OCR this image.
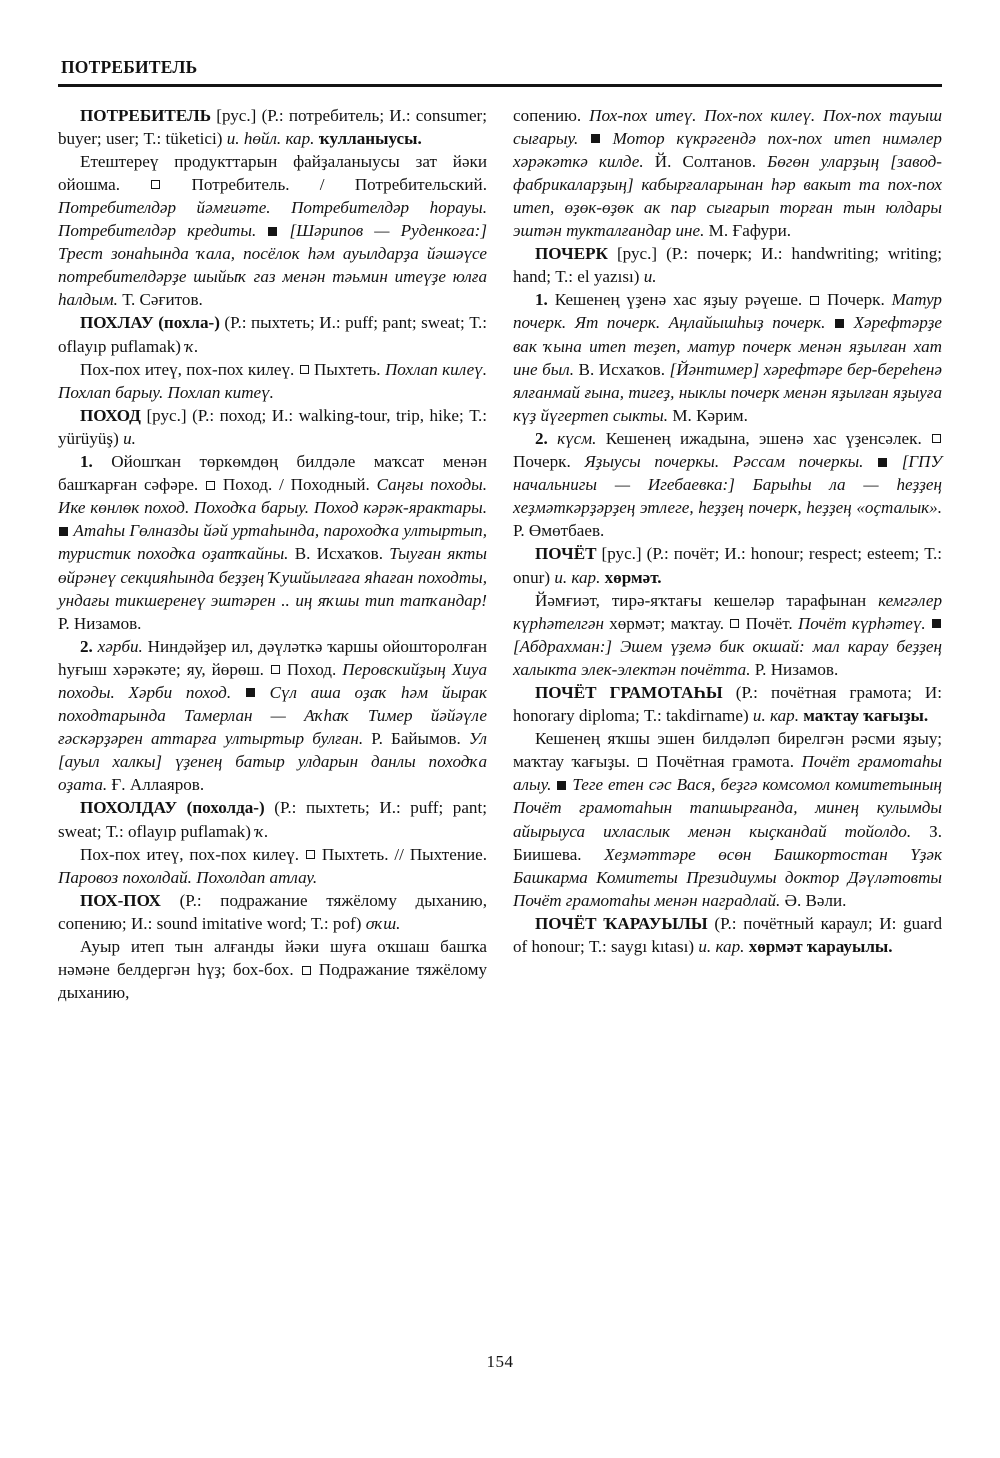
ПОТРЕБИТЕЛЬ

ПОТРЕБИТЕЛЬ [рус.] (Р.: потребитель; И.: consumer; buyer; user; Т.: tüketici) и. һөйл. кар. ҡулланыусы.

Етештереү продукттарын файҙаланыусы зат йәки ойошма.	Потребитель. / Потребительский. Потребителдәр йәмғиәте. Потребителдәр һорауы. Потребителдәр кредиты. [Шәрипов — Руденкоға:] Трест зонаһында ҡала, посёлок һәм ауылдарҙа йәшәүсе потребителдәрҙе шыйыҡ газ менән тәьмин итеүҙе юлға һалдым. Т. Сәғитов.

ПОХЛАУ (похла-) (Р.: пыхтеть; И.: puff; pant; sweat; Т.: oflayıp puflamak) ҡ.

Пох-пох итеү, пох-пох килеү. Пыхтеть. Похлап килеү. Похлап барыу. Похлап китеү.

ПОХОД [рус.] (Р.: поход; И.: walking-tour, trip, hike; Т.: yürüyüş) и.

1. Ойошҡан төркөмдөң билдәле маҡсат менән башҡарған сәфәре. Поход. / Походный. Саңғы походы. Ике көнлөк поход. Походҡа барыу. Поход кәрәк-ярактары.  Атаһы Гөлназды йәй уртаһында, пароходҡа ултыртып, туристик походҡа оҙатҡайны. В. Исхаҡов. Тыуған якты өйрәнеү секцияһында беҙҙең Ҡушйылғаға яһаған походты, ундағы тикшеренеү эштәрен .. иң яҡшы тип тапҡандар! Р. Низамов.

2. хәрби. Ниндәйҙер ил, дәүләткә ҡаршы ойошторолған һуғыш хәрәкәте; яу, йөрөш. Поход. Перовскийҙың Хиуа походы. Хәрби поход. Сүл аша оҙаҡ һәм йырак походтарында Тамерлан — Аҡһаҡ Тимер йәйәүле ғәскәрҙәрен аттарға ултыртыр булған. Р. Байымов. Ул [ауыл халкы] үҙенең батыр улдарын данлы походҡа оҙата. Ғ. Аллаяров.

ПОХОЛДАУ (похолда-) (Р.: пыхтеть; И.: puff; pant; sweat; Т.: oflayıp puflamak) ҡ.

Пох-пох итеү, пох-пох килеү. Пыхтеть. // Пыхтение. Паровоз похолдай. Похолдап атлау.

ПОХ-ПОХ (Р.: подражание тяжёлому дыханию, сопению; И.: sound imitative word; Т.: pof) оҡш.

Ауыр итеп тын алғанды йәки шуға оҡшаш башҡа нәмәне белдергән һүҙ; бох-бох. Подражание тяжёлому дыханию,

сопению. Пох-пох итеү. Пох-пох килеү. Пох-пох тауыш сығарыу. Мотор күкрәгендә пох-пох итеп нимәлер хәрәкәткә килде. Й. Солтанов. Бөгөн уларҙың [завод-фабрикаларҙың] кабырғаларынан һәр вакыт та пох-пох итеп, өҙөк-өҙөк ак пар сығарып торған тын юлдары эштән туктaлғандар ине. М. Ғафури.

ПОЧЕРК [рус.] (Р.: почерк; И.: handwriting; writing; hand; Т.: el yazısı) и.

1. Кешенең үҙенә хас яҙыу рәүеше. Почерк. Матур почерк. Ят почерк. Аңлайышһыҙ почерк. Хәрефтәрҙе вак ҡына итеп теҙеп, матур почерк менән яҙылған хат ине был. В. Исхаҡов. [Йәнтимер] хәрефтәре бер-береһенә ялғанмай ғына, тигеҙ, ныклы почерк менән яҙылған яҙыуға күҙ йүгертеп сыкты. М. Кәрим.

2. күсм. Кешенең ижадына, эшенә хас үҙенсәлек.  Почерк. Яҙыусы почеркы. Рәссам почеркы. [ГПУ начальнигы — Игебаевка:] Барыһы ла — һеҙҙең хеҙмәткәрҙәрҙең этлеге, һеҙҙең почерк, һеҙҙең «оҫталык». Р. Өмөтбаев.

ПОЧЁТ [рус.] (Р.: почёт; И.: honour; respect; esteem; Т.: onur) и. кар. хөрмәт.

Йәмғиәт, тирә-яҡтағы кешеләр тарафынан кемгәлер күрһәтелгән хөрмәт; маҡтау. Почёт. Почёт күрһәтеү.  [Абдрахман:] Эшем үҙемә бик окшай: мал карау беҙҙең халыкта элек-электән почётта. Р. Низамов.

ПОЧЁТ ГРАМОТАҺЫ (Р.: почётная грамота; И: honorary diploma; Т.: takdirname) и. кар. маҡтау ҡағыҙы.

Кешенең яҡшы эшен билдәләп бирелгән рәсми яҙыу; маҡтау ҡағыҙы. Почётная грамота. Почёт грамотаһы алыу. Теге етен сәс Вася, беҙгә комсомол комитетының Почёт грамотаһын тапшырғанда, минең кулымды айырыуса ихласлык менән кыҫкандай тойолдо. З. Биишева. Хеҙмәттәре өсөн Башкортостан Үҙәк Башкарма Комитеты Президиумы доктор Дәүләтовты Почёт грамотаһы менән наградлай. Ә. Вәли.

ПОЧЁТ ҠАРАУЫЛЫ (Р.: почётный караул; И: guard of honour; Т.: saygı kıtası) и. кар. хөрмәт ҡарауылы.

154
